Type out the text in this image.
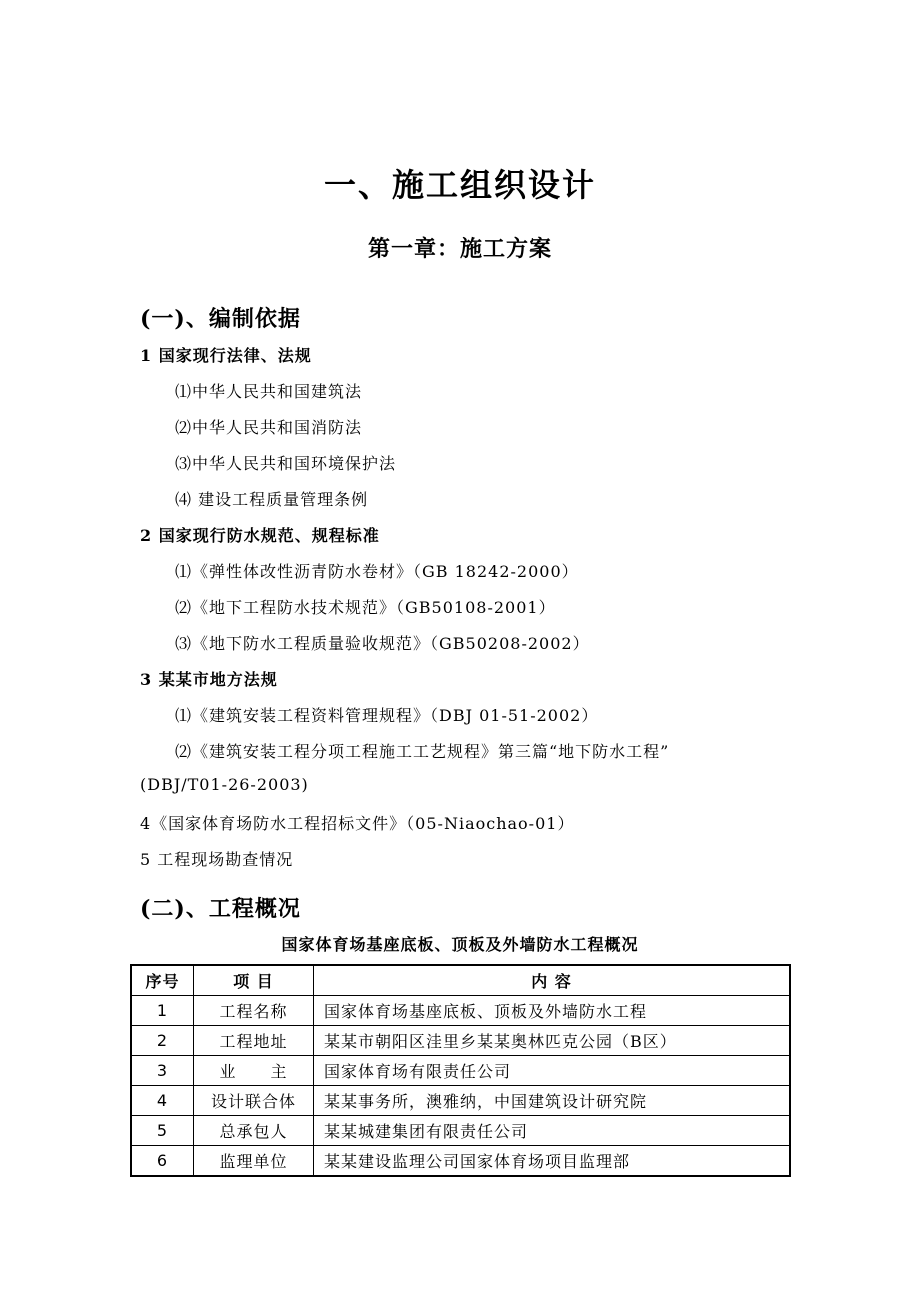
一、施工组织设计
第一章：施工方案
(一)、编制依据
1 国家现行法律、法规
⑴中华人民共和国建筑法
⑵中华人民共和国消防法
⑶中华人民共和国环境保护法
⑷ 建设工程质量管理条例
2 国家现行防水规范、规程标准
⑴《弹性体改性沥青防水卷材》（GB 18242-2000）
⑵《地下工程防水技术规范》（GB50108-2001）
⑶《地下防水工程质量验收规范》（GB50208-2002）
3 某某市地方法规
⑴《建筑安装工程资料管理规程》（DBJ 01-51-2002）
⑵《建筑安装工程分项工程施工工艺规程》第三篇“地下防水工程”
(DBJ/T01-26-2003)
4《国家体育场防水工程招标文件》（05-Niaochao-01）
5 工程现场勘查情况
(二)、工程概况
国家体育场基座底板、顶板及外墙防水工程概况
序号	项 目	内 容
1	工程名称	国家体育场基座底板、顶板及外墙防水工程
2	工程地址	某某市朝阳区洼里乡某某奥林匹克公园（B区）
3	业　　主	国家体育场有限责任公司
4	设计联合体	某某事务所，澳雅纳，中国建筑设计研究院
5	总承包人	某某城建集团有限责任公司
6	监理单位	某某建设监理公司国家体育场项目监理部
